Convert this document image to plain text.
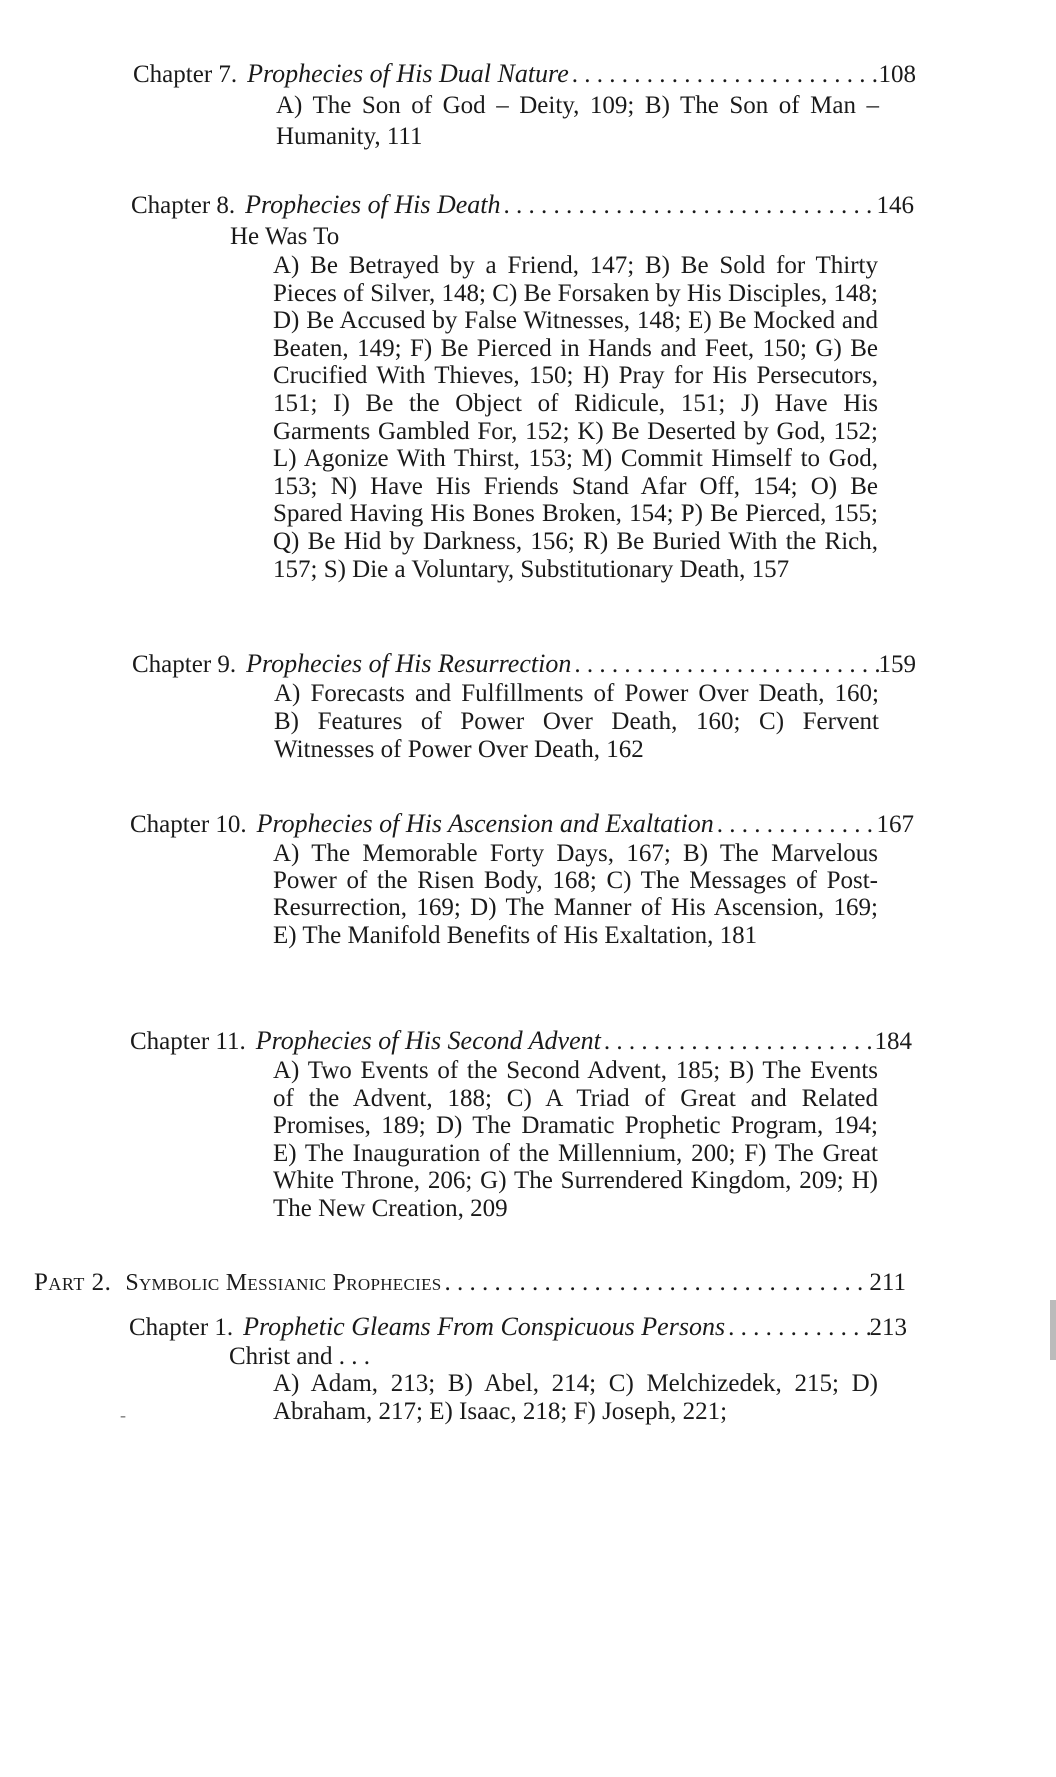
Chapter 7. Prophecies of His Dual Nature . . .	108
A) The Son of God – Deity, 109; B) The Son of Man – Humanity, 111
Chapter 8. Prophecies of His Death . . .	146
He Was To
A) Be Betrayed by a Friend, 147; B) Be Sold for Thirty Pieces of Silver, 148; C) Be Forsaken by His Disciples, 148; D) Be Accused by False Witnesses, 148; E) Be Mocked and Beaten, 149; F) Be Pierced in Hands and Feet, 150; G) Be Crucified With Thieves, 150; H) Pray for His Persecutors, 151; I) Be the Object of Ridicule, 151; J) Have His Garments Gambled For, 152; K) Be Deserted by God, 152; L) Agonize With Thirst, 153; M) Commit Himself to God, 153; N) Have His Friends Stand Afar Off, 154; O) Be Spared Having His Bones Broken, 154; P) Be Pierced, 155; Q) Be Hid by Darkness, 156; R) Be Buried With the Rich, 157; S) Die a Voluntary, Substitutionary Death, 157
Chapter 9. Prophecies of His Resurrection . . .	159
A) Forecasts and Fulfillments of Power Over Death, 160; B) Features of Power Over Death, 160; C) Fervent Witnesses of Power Over Death, 162
Chapter 10. Prophecies of His Ascension and Exaltation . . .	167
A) The Memorable Forty Days, 167; B) The Marvelous Power of the Risen Body, 168; C) The Messages of Post-Resurrection, 169; D) The Manner of His Ascension, 169; E) The Manifold Benefits of His Exaltation, 181
Chapter 11. Prophecies of His Second Advent . . .	184
A) Two Events of the Second Advent, 185; B) The Events of the Advent, 188; C) A Triad of Great and Related Promises, 189; D) The Dramatic Prophetic Program, 194; E) The Inauguration of the Millennium, 200; F) The Great White Throne, 206; G) The Surrendered Kingdom, 209; H) The New Creation, 209
Part 2. Symbolic Messianic Prophecies . . .	211
Chapter 1. Prophetic Gleams From Conspicuous Persons . . .	213
Christ and . . .
A) Adam, 213; B) Abel, 214; C) Melchizedek, 215; D) Abraham, 217; E) Isaac, 218; F) Joseph, 221;
-
